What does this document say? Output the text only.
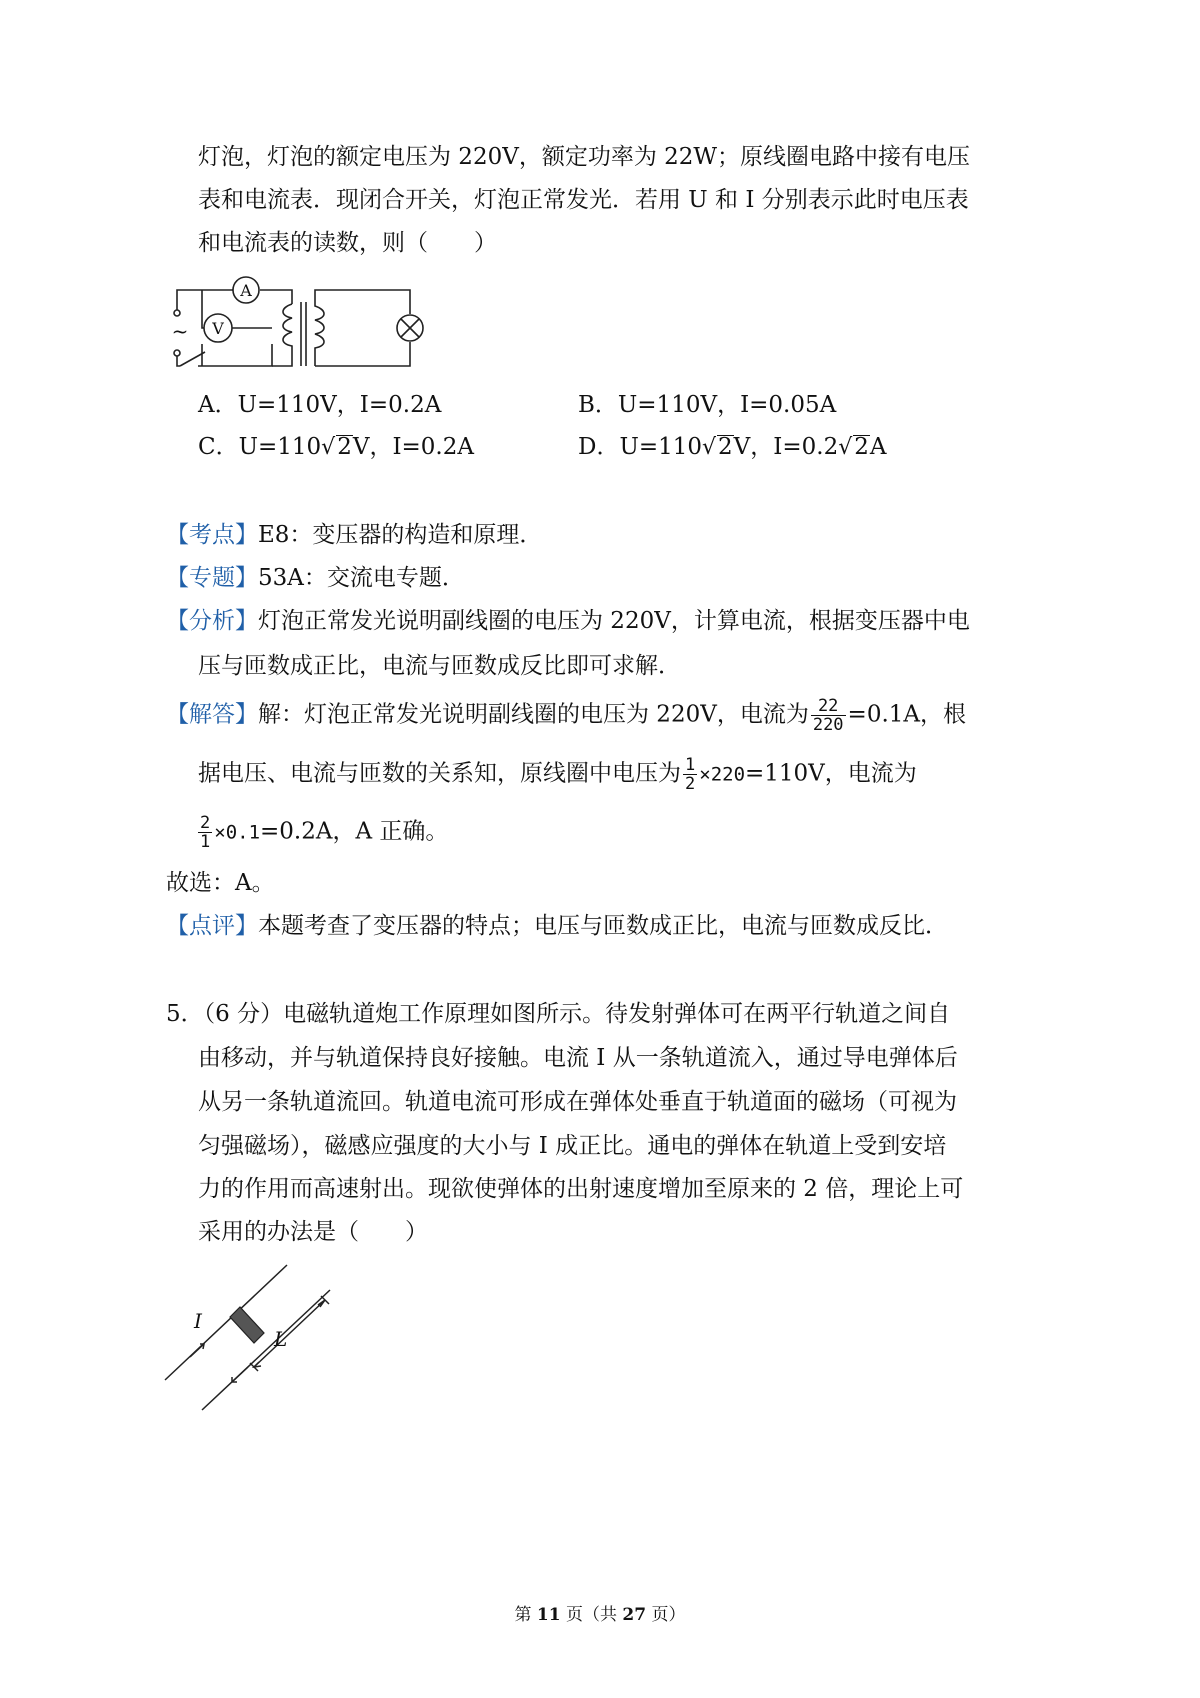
灯泡，灯泡的额定电压为 220V，额定功率为 22W；原线圈电路中接有电压
表和电流表．现闭合开关，灯泡正常发光．若用 U 和 I 分别表示此时电压表
和电流表的读数，则（　　）
A
V
~
A．U=110V，I=0.2A	B．U=110V，I=0.05A
C．U=110√2V，I=0.2A	D．U=110√2V，I=0.2√2A
【考点】E8：变压器的构造和原理．
【专题】53A：交流电专题．
【分析】灯泡正常发光说明副线圈的电压为 220V，计算电流，根据变压器中电
压与匝数成正比，电流与匝数成反比即可求解．
【解答】解：灯泡正常发光说明副线圈的电压为 220V，电流为 $\frac{22}{220} =0.1A$，根
据电压、电流与匝数的关系知，原线圈中电压为 $\frac{1}{2} \times 220=110V$，电流为
$\frac{2}{1} \times 0.1=0.2A$，A 正确。
故选：A。
【点评】本题考查了变压器的特点；电压与匝数成正比，电流与匝数成反比．
5．（6 分）电磁轨道炮工作原理如图所示。待发射弹体可在两平行轨道之间自
由移动，并与轨道保持良好接触。电流 I 从一条轨道流入，通过导电弹体后
从另一条轨道流回。轨道电流可形成在弹体处垂直于轨道面的磁场（可视为
匀强磁场），磁感应强度的大小与 I 成正比。通电的弹体在轨道上受到安培
力的作用而高速射出。现欲使弹体的出射速度增加至原来的 2 倍，理论上可
采用的办法是（　　）
I
L
第 11 页（共 27 页）
